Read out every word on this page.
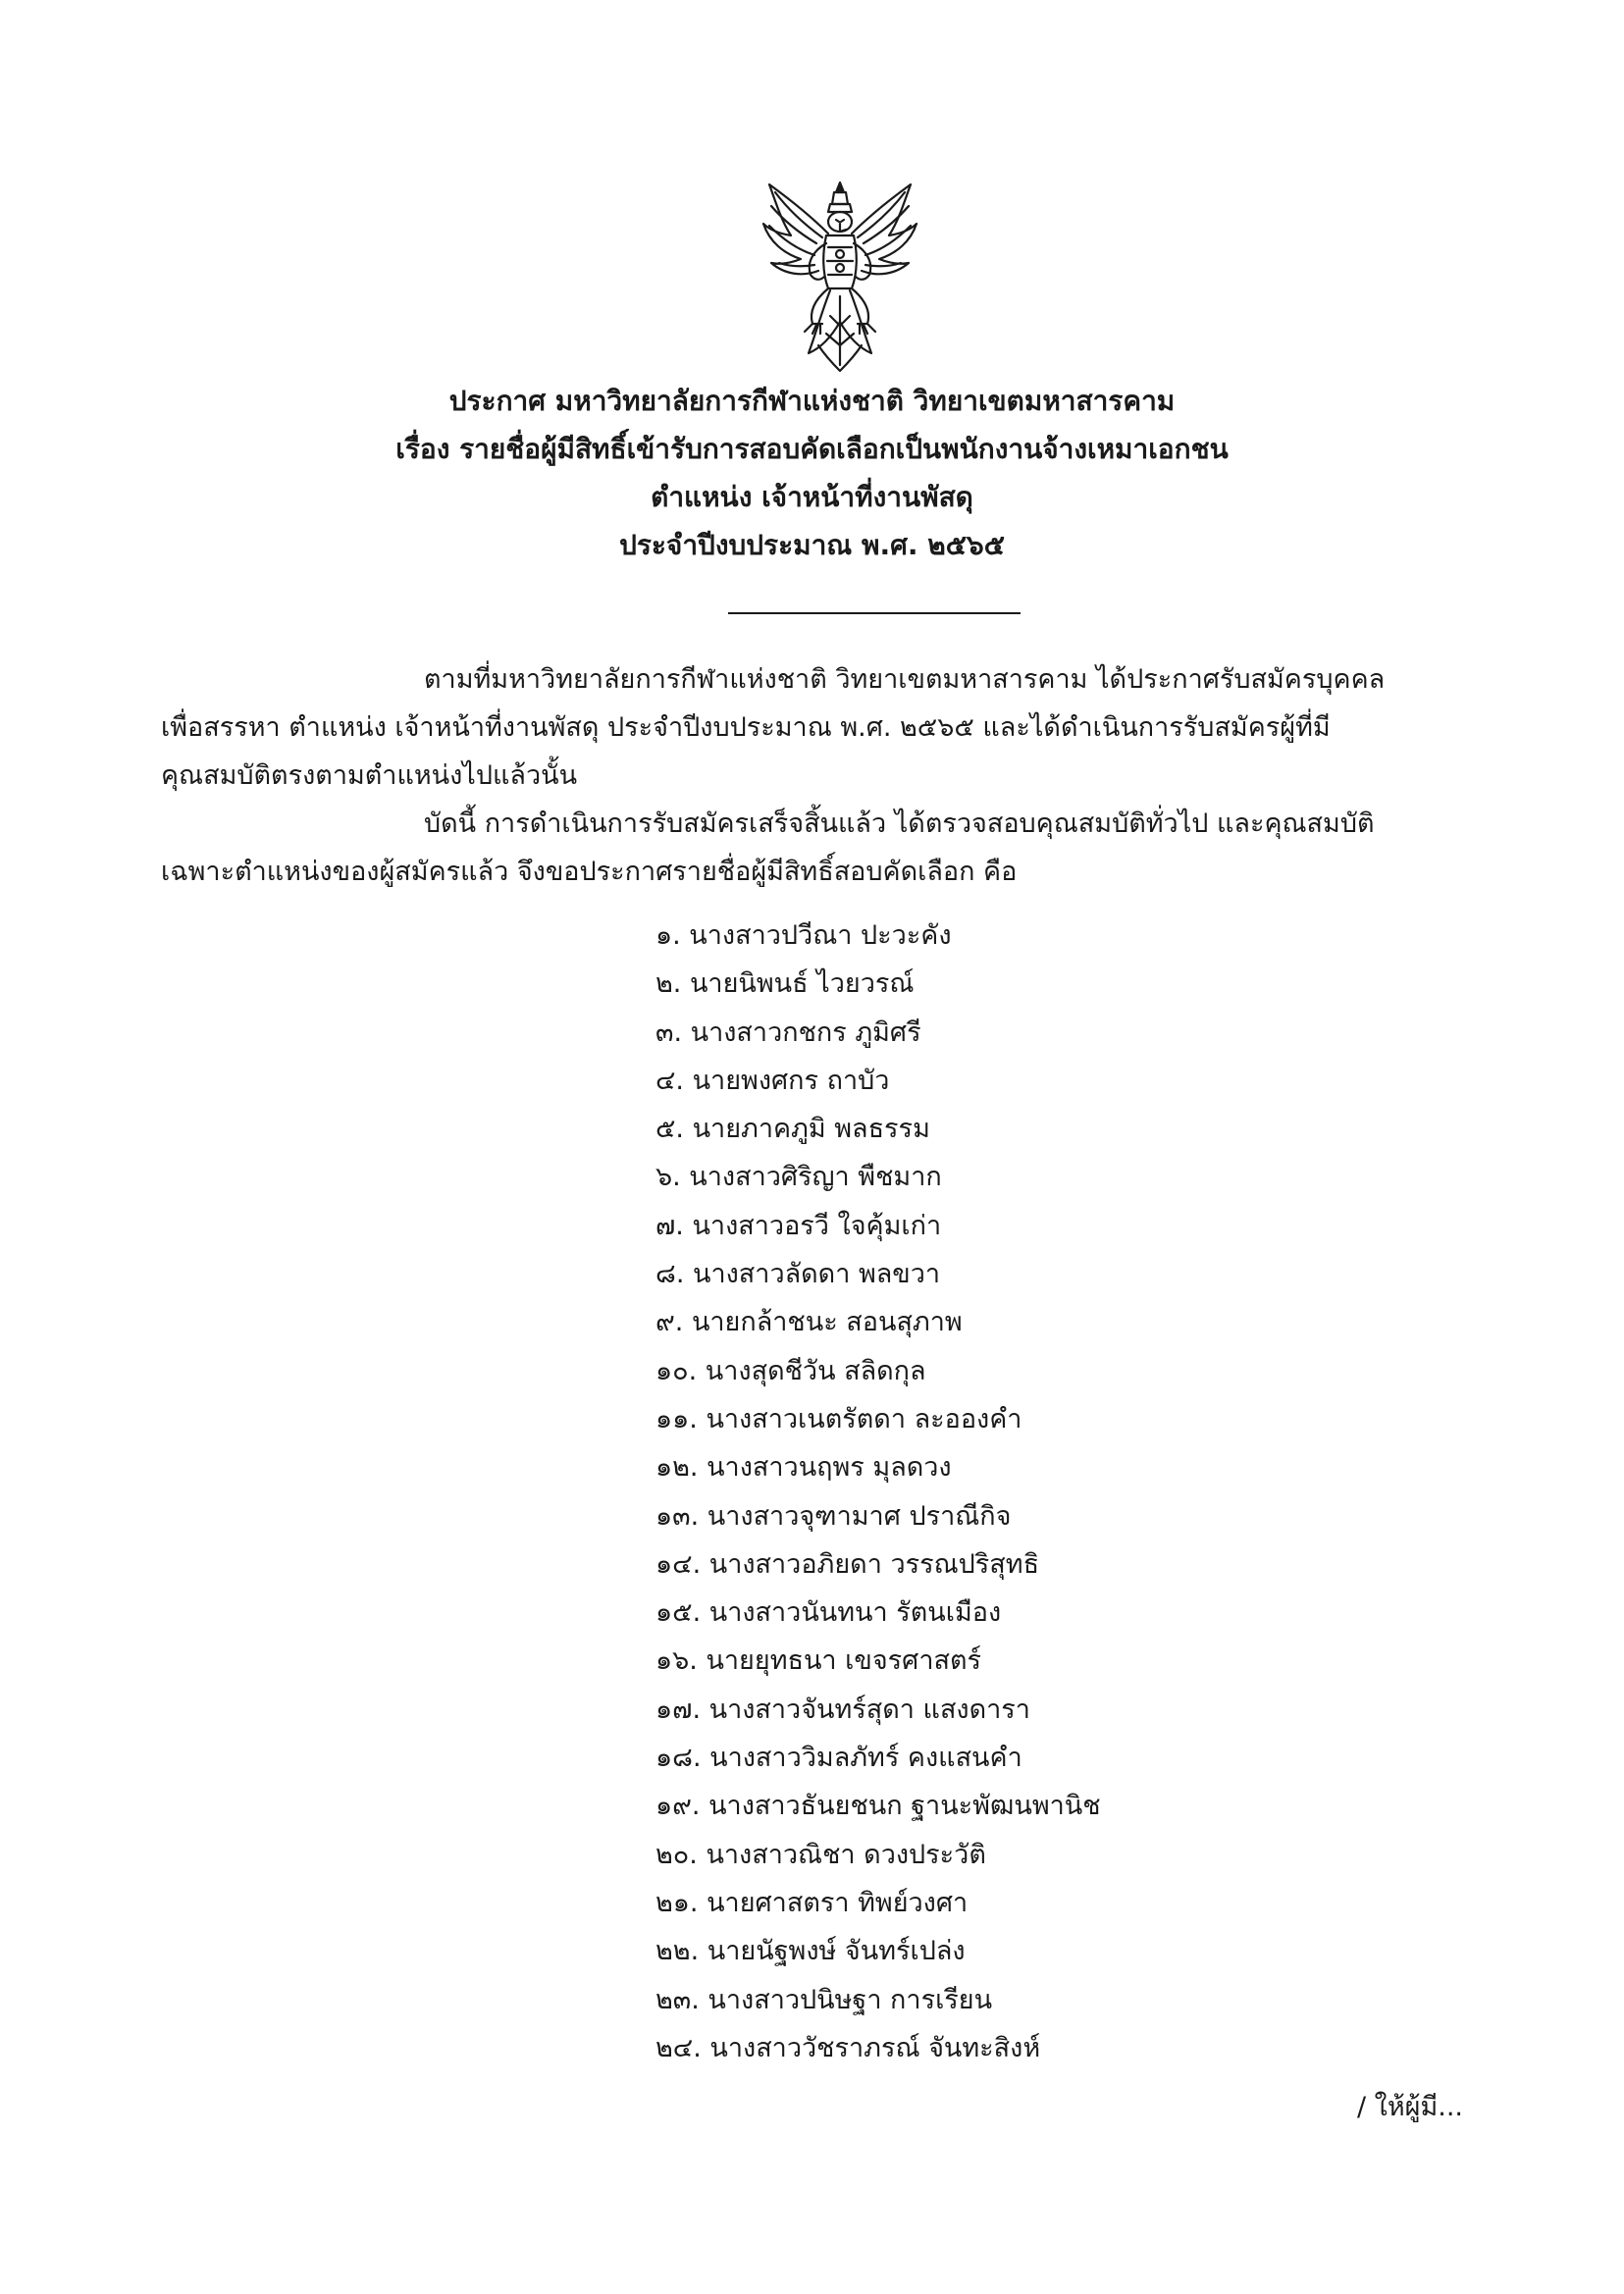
ประกาศ มหาวิทยาลัยการกีฬาแห่งชาติ วิทยาเขตมหาสารคาม
เรื่อง รายชื่อผู้มีสิทธิ์เข้ารับการสอบคัดเลือกเป็นพนักงานจ้างเหมาเอกชน
ตำแหน่ง เจ้าหน้าที่งานพัสดุ
ประจำปีงบประมาณ พ.ศ. ๒๕๖๕
ตามที่มหาวิทยาลัยการกีฬาแห่งชาติ วิทยาเขตมหาสารคาม ได้ประกาศรับสมัครบุคคล
เพื่อสรรหา ตำแหน่ง เจ้าหน้าที่งานพัสดุ ประจำปีงบประมาณ พ.ศ. ๒๕๖๕ และได้ดำเนินการรับสมัครผู้ที่มี
คุณสมบัติตรงตามตำแหน่งไปแล้วนั้น
บัดนี้ การดำเนินการรับสมัครเสร็จสิ้นแล้ว ได้ตรวจสอบคุณสมบัติทั่วไป และคุณสมบัติ
เฉพาะตำแหน่งของผู้สมัครแล้ว จึงขอประกาศรายชื่อผู้มีสิทธิ์สอบคัดเลือก คือ
๑. นางสาวปวีณา ปะวะคัง
๒. นายนิพนธ์ ไวยวรณ์
๓. นางสาวกชกร ภูมิศรี
๔. นายพงศกร ถาบัว
๕. นายภาคภูมิ พลธรรม
๖. นางสาวศิริญา พืชมาก
๗. นางสาวอรวี ใจคุ้มเก่า
๘. นางสาวลัดดา พลขวา
๙. นายกล้าชนะ สอนสุภาพ
๑๐. นางสุดชีวัน สลิดกุล
๑๑. นางสาวเนตรัตดา ละอองคำ
๑๒. นางสาวนฤพร มุลดวง
๑๓. นางสาวจุฑามาศ ปราณีกิจ
๑๔. นางสาวอภิยดา วรรณปริสุทธิ
๑๕. นางสาวนันทนา รัตนเมือง
๑๖. นายยุทธนา เขจรศาสตร์
๑๗. นางสาวจันทร์สุดา แสงดารา
๑๘. นางสาววิมลภัทร์ คงแสนคำ
๑๙. นางสาวธันยชนก ฐานะพัฒนพานิช
๒๐. นางสาวณิชา ดวงประวัติ
๒๑. นายศาสตรา ทิพย์วงศา
๒๒. นายนัฐพงษ์ จันทร์เปล่ง
๒๓. นางสาวปนิษฐา การเรียน
๒๔. นางสาววัชราภรณ์ จันทะสิงห์
/ ให้ผู้มี...
